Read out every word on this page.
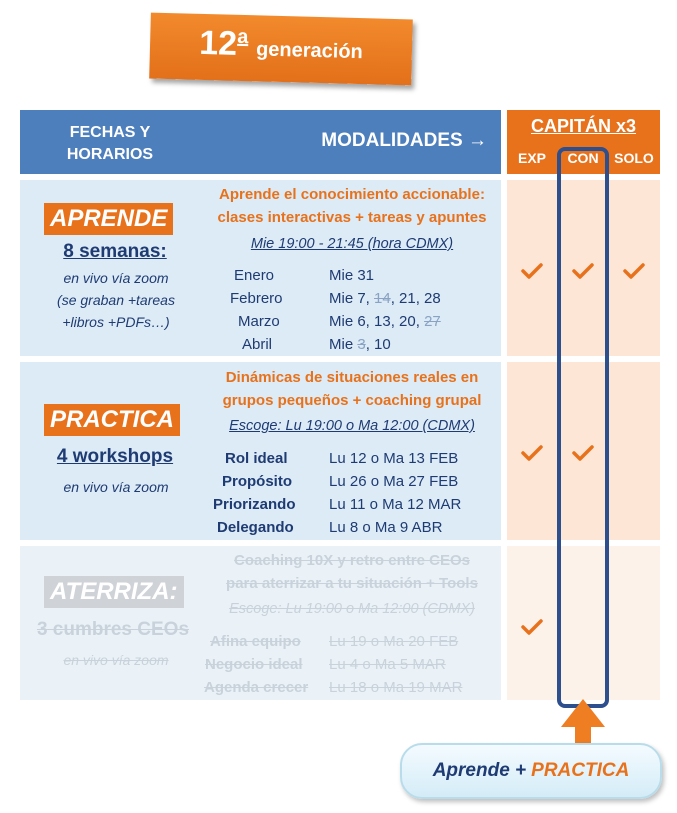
12 a
generación
FECHAS Y
HORARIOS
MODALIDADES →
CAPITÁN x3
EXP	CON	SOLO
APRENDE
8 semanas:
en vivo vía zoom
(se graban +tareas
+libros +PDFs…)
Aprende el conocimiento accionable:
clases interactivas + tareas y apuntes
Mie 19:00 - 21:45 (hora CDMX)
Enero	Mie 31
Febrero	Mie 7, 14, 21, 28
Marzo	Mie 6, 13, 20, 27
Abril	Mie 3, 10
PRACTICA
4 workshops
en vivo vía zoom
Dinámicas de situaciones reales en
grupos pequeños + coaching grupal
Escoge: Lu 19:00 o Ma 12:00 (CDMX)
Rol ideal	Lu 12 o Ma 13 FEB
Propósito Lu 26 o Ma 27 FEB
Priorizando Lu 11 o Ma 12 MAR
Delegando Lu 8 o Ma 9 ABR
ATERRIZA:
3 cumbres CEOs
en vivo vía zoom
Coaching 10X y retro entre CEOs
para aterrizar a tu situación + Tools
Escoge: Lu 19:00 o Ma 12:00 (CDMX)
Afina equipo Lu 19 o Ma 20 FEB
Negocio ideal Lu 4 o Ma 5 MAR
Agenda crecer Lu 18 o Ma 19 MAR
Aprende + PRACTICA
